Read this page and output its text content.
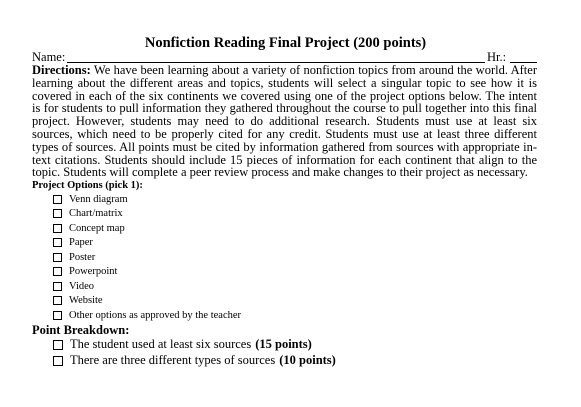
Nonfiction Reading Final Project (200 points)
Name:	Hr.:

Directions: We have been learning about a variety of nonfiction topics from around the world. After learning about the different areas and topics, students will select a singular topic to see how it is covered in each of the six continents we covered using one of the project options below. The intent is for students to pull information they gathered throughout the course to pull together into this final project. However, students may need to do additional research. Students must use at least six sources, which need to be properly cited for any credit. Students must use at least three different types of sources. All points must be cited by information gathered from sources with appropriate in-text citations. Students should include 15 pieces of information for each continent that align to the topic. Students will complete a peer review process and make changes to their project as necessary.

Project Options (pick 1):

Venn diagram
Chart/matrix
Concept map
Paper
Poster
Powerpoint
Video
Website
Other options as approved by the teacher

Point Breakdown:

The student used at least six sources (15 points)
There are three different types of sources (10 points)
